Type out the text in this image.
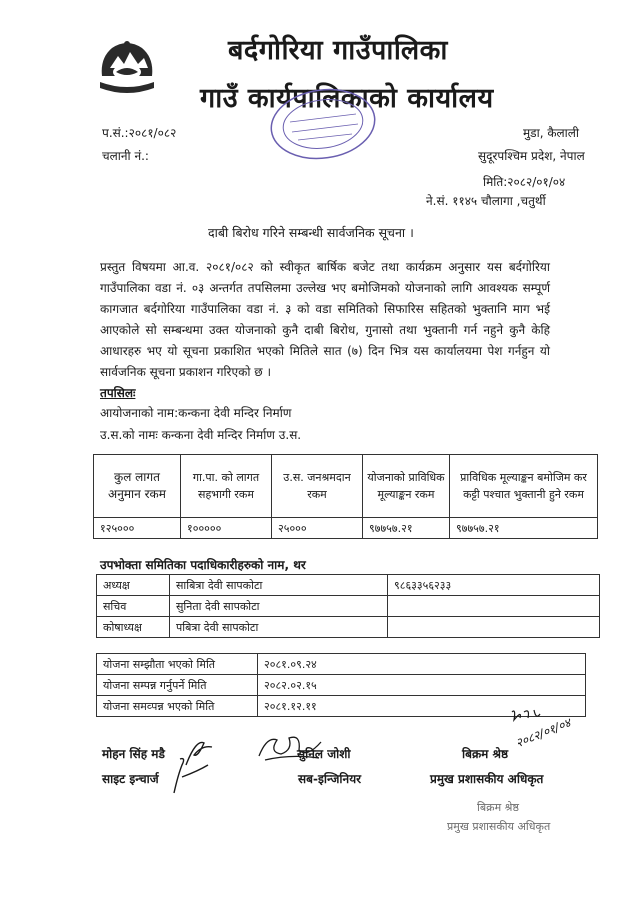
बर्दगोरिया गाउँपालिका
गाउँ कार्यपालिकाको कार्यालय
प.सं.:२०८१/०८२
चलानी नं.:
मुडा, कैलाली
सुदूरपश्चिम प्रदेश, नेपाल
मिति:२०८२/०१/०४
ने.सं. ११४५ चौलागा ,चतुर्थी
दाबी बिरोध गरिने सम्बन्धी सार्वजनिक सूचना ।
प्रस्तुत विषयमा आ.व. २०८१/०८२ को स्वीकृत बार्षिक बजेट तथा कार्यक्रम अनुसार यस बर्दगोरिया गाउँपालिका वडा नं. ०३ अन्तर्गत तपसिलमा उल्लेख भए बमोजिमको योजनाको लागि आवश्यक सम्पूर्ण कागजात बर्दगोरिया गाउँपालिका वडा नं. ३ को वडा समितिको सिफारिस सहितको भुक्तानि माग भई आएकोले सो सम्बन्धमा उक्त योजनाको कुनै दाबी बिरोध, गुनासो तथा भुक्तानी गर्न नहुने कुनै केहि आधारहरु भए यो सूचना प्रकाशित भएको मितिले सात (७) दिन भित्र यस कार्यालयमा पेश गर्नहुन यो सार्वजनिक सूचना प्रकाशन गरिएको छ ।
तपसिलः
आयोजनाको नाम:कन्कना देवी मन्दिर निर्माण
उ.स.को नामः कन्कना देवी मन्दिर निर्माण उ.स.
कुल लागत अनुमान रकम	गा.पा. को लागत सहभागी रकम	उ.स. जनश्रमदान रकम	योजनाको प्राविधिक मूल्याङ्कन रकम	प्राविधिक मूल्याङ्कन बमोजिम कर कट्टी पश्चात भुक्तानी हुने रकम
१२५०००	१०००००	२५०००	९७७५७.२१	९७७५७.२१
उपभोक्ता समितिका पदाधिकारीहरुको नाम, थर
अध्यक्ष	साबित्रा देवी सापकोटा	९८६३३५६२३३
सचिव	सुनिता देवी सापकोटा	
कोषाध्यक्ष	पबित्रा देवी सापकोटा	
योजना सम्झौता भएको मिति	२०८१.०९.२४
योजना सम्पन्न गर्नुपर्ने मिति	२०८२.०२.१५
योजना समव्पन्न भएको मिति	२०८१.१२.११
२०८२/०१/०४
मोहन सिंह मडै
साइट इन्चार्ज
सुनिल जोशी
सब-इन्जिनियर
बिक्रम श्रेष्ठ
प्रमुख प्रशासकीय अधिकृत
बिक्रम श्रेष्ठ
प्रमुख प्रशासकीय अधिकृत
